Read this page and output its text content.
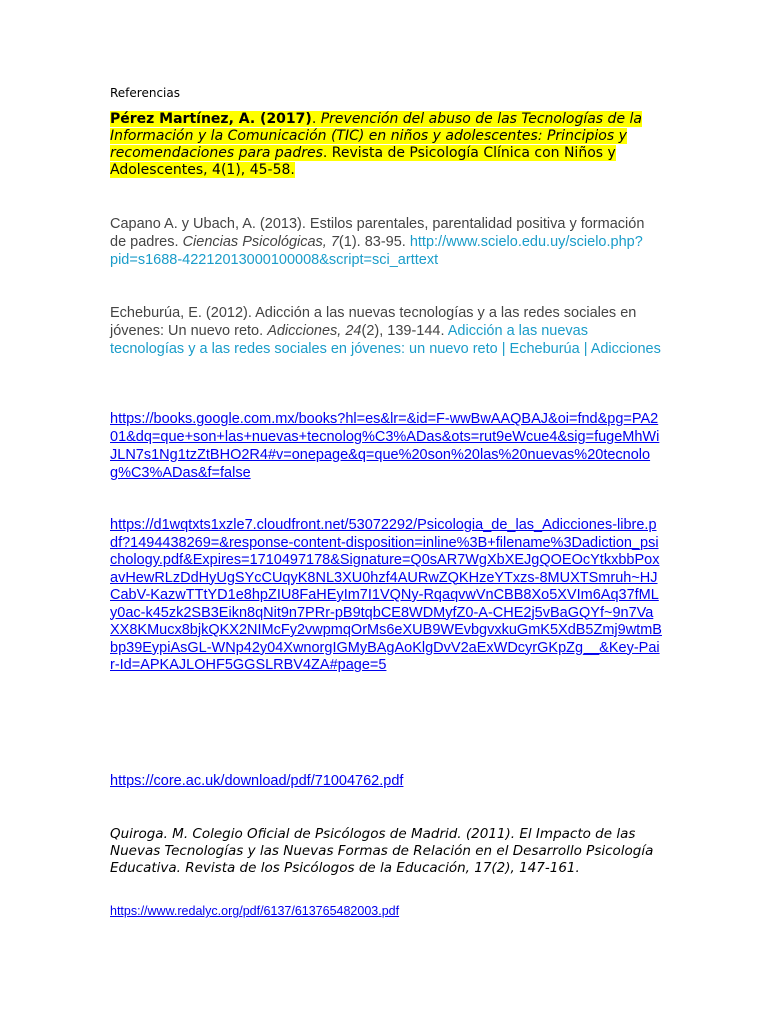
Referencias

Pérez Martínez, A. (2017). Prevención del abuso de las Tecnologías de la Información y la Comunicación (TIC) en niños y adolescentes: Principios y recomendaciones para padres. Revista de Psicología Clínica con Niños y Adolescentes, 4(1), 45-58.

Capano A. y Ubach, A. (2013). Estilos parentales, parentalidad positiva y formación de padres. Ciencias Psicológicas, 7(1). 83-95. http://www.scielo.edu.uy/scielo.php?pid=s1688-42212013000100008&script=sci_arttext

Echeburúa, E. (2012). Adicción a las nuevas tecnologías y a las redes sociales en jóvenes: Un nuevo reto. Adicciones, 24(2), 139-144. Adicción a las nuevas tecnologías y a las redes sociales en jóvenes: un nuevo reto | Echeburúa | Adicciones

https://books.google.com.mx/books?hl=es&lr=&id=F-wwBwAAQBAJ&oi=fnd&pg=PA201&dq=que+son+las+nuevas+tecnolog%C3%ADas&ots=rut9eWcue4&sig=fugeMhWiJLN7s1Ng1tzZtBHO2R4#v=onepage&q=que%20son%20las%20nuevas%20tecnolog%C3%ADas&f=false

https://d1wqtxts1xzle7.cloudfront.net/53072292/Psicologia_de_las_Adicciones-libre.pdf?1494438269=&response-content-disposition=inline%3B+filename%3Dadiction_psichology.pdf&Expires=1710497178&Signature=Q0sAR7WgXbXEJgQOEOcYtkxbbPoxavHewRLzDdHyUgSYcCUqyK8NL3XU0hzf4AURwZQKHzeYTxzs-8MUXTSmruh~HJCabV-KazwTTtYD1e8hpZIU8FaHEyIm7I1VQNy-RqaqvwVnCBB8Xo5XVIm6Aq37fMLy0ac-k45zk2SB3Eikn8qNit9n7PRr-pB9tqbCE8WDMyfZ0-A-CHE2j5vBaGQYf~9n7VaXX8KMucx8bjkQKX2NIMcFy2vwpmqOrMs6eXUB9WEvbgvxkuGmK5XdB5Zmj9wtmBbp39EypiAsGL-WNp42y04XwnorgIGMyBAgAoKlgDvV2aExWDcyrGKpZg__&Key-Pair-Id=APKAJLOHF5GGSLRBV4ZA#page=5

https://core.ac.uk/download/pdf/71004762.pdf

Quiroga. M. Colegio Oficial de Psicólogos de Madrid. (2011). El Impacto de las Nuevas Tecnologías y las Nuevas Formas de Relación en el Desarrollo Psicología Educativa. Revista de los Psicólogos de la Educación, 17(2), 147-161.

https://www.redalyc.org/pdf/6137/613765482003.pdf
